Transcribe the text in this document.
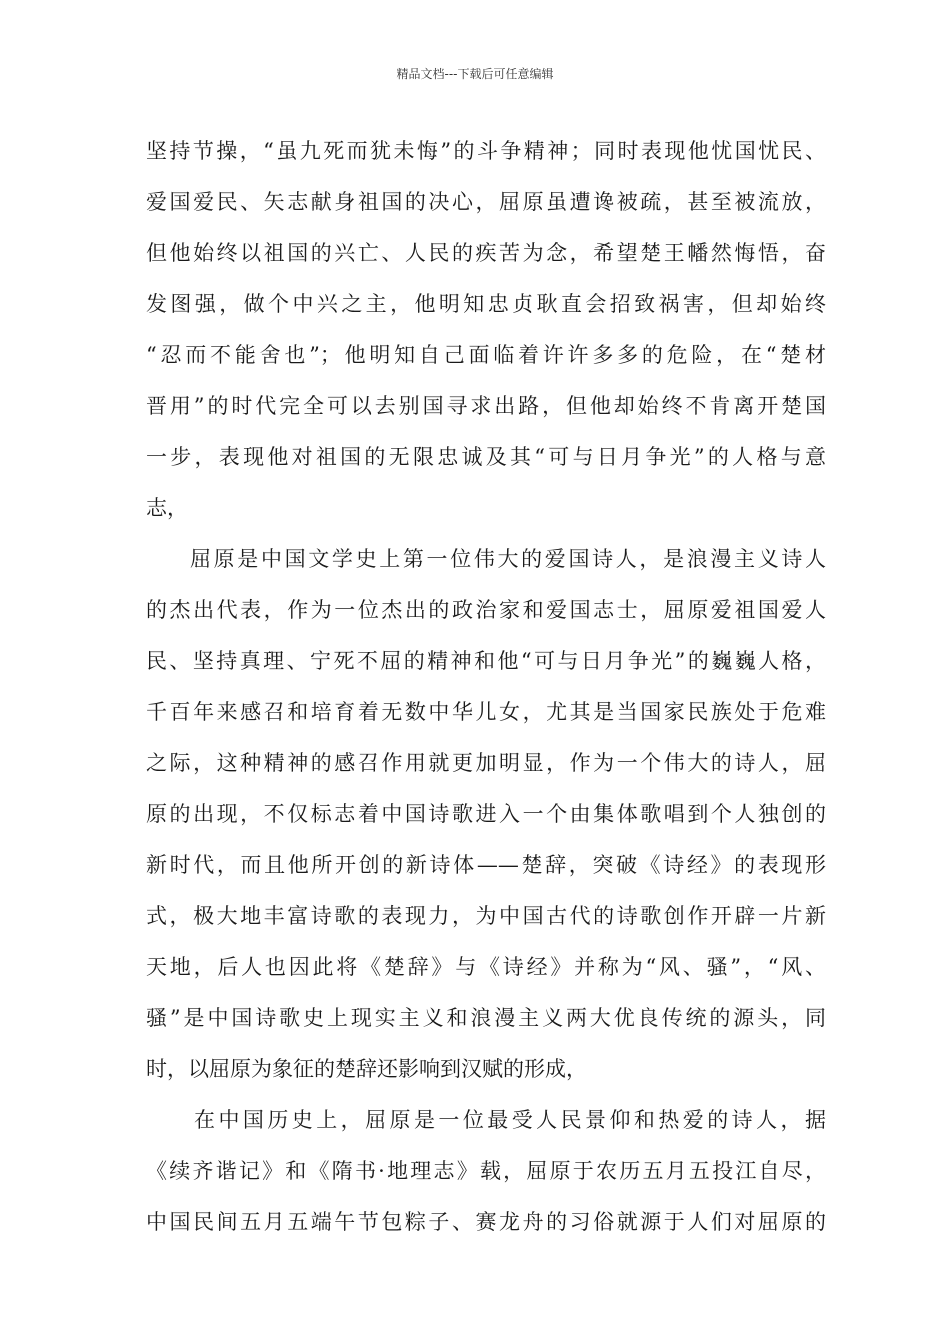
精品文档---下载后可任意编辑
坚持节操，“虽九死而犹未悔”的斗争精神；同时表现他忧国忧民、
爱国爱民、矢志献身祖国的决心，屈原虽遭谗被疏，甚至被流放，
但他始终以祖国的兴亡、人民的疾苦为念，希望楚王幡然悔悟，奋
发图强，做个中兴之主，他明知忠贞耿直会招致祸害，但却始终
“忍而不能舍也”；他明知自己面临着许许多多的危险，在“楚材
晋用”的时代完全可以去别国寻求出路，但他却始终不肯离开楚国
一步，表现他对祖国的无限忠诚及其“可与日月争光”的人格与意
志，
屈原是中国文学史上第一位伟大的爱国诗人，是浪漫主义诗人
的杰出代表，作为一位杰出的政治家和爱国志士，屈原爱祖国爱人
民、坚持真理、宁死不屈的精神和他“可与日月争光”的巍巍人格，
千百年来感召和培育着无数中华儿女，尤其是当国家民族处于危难
之际，这种精神的感召作用就更加明显，作为一个伟大的诗人，屈
原的出现，不仅标志着中国诗歌进入一个由集体歌唱到个人独创的
新时代，而且他所开创的新诗体——楚辞，突破《诗经》的表现形
式，极大地丰富诗歌的表现力，为中国古代的诗歌创作开辟一片新
天地，后人也因此将《楚辞》与《诗经》并称为“风、骚”，“风、
骚”是中国诗歌史上现实主义和浪漫主义两大优良传统的源头，同
时，以屈原为象征的楚辞还影响到汉赋的形成，
在中国历史上，屈原是一位最受人民景仰和热爱的诗人，据
《续齐谐记》和《隋书·地理志》载，屈原于农历五月五投江自尽，
中国民间五月五端午节包粽子、赛龙舟的习俗就源于人们对屈原的
